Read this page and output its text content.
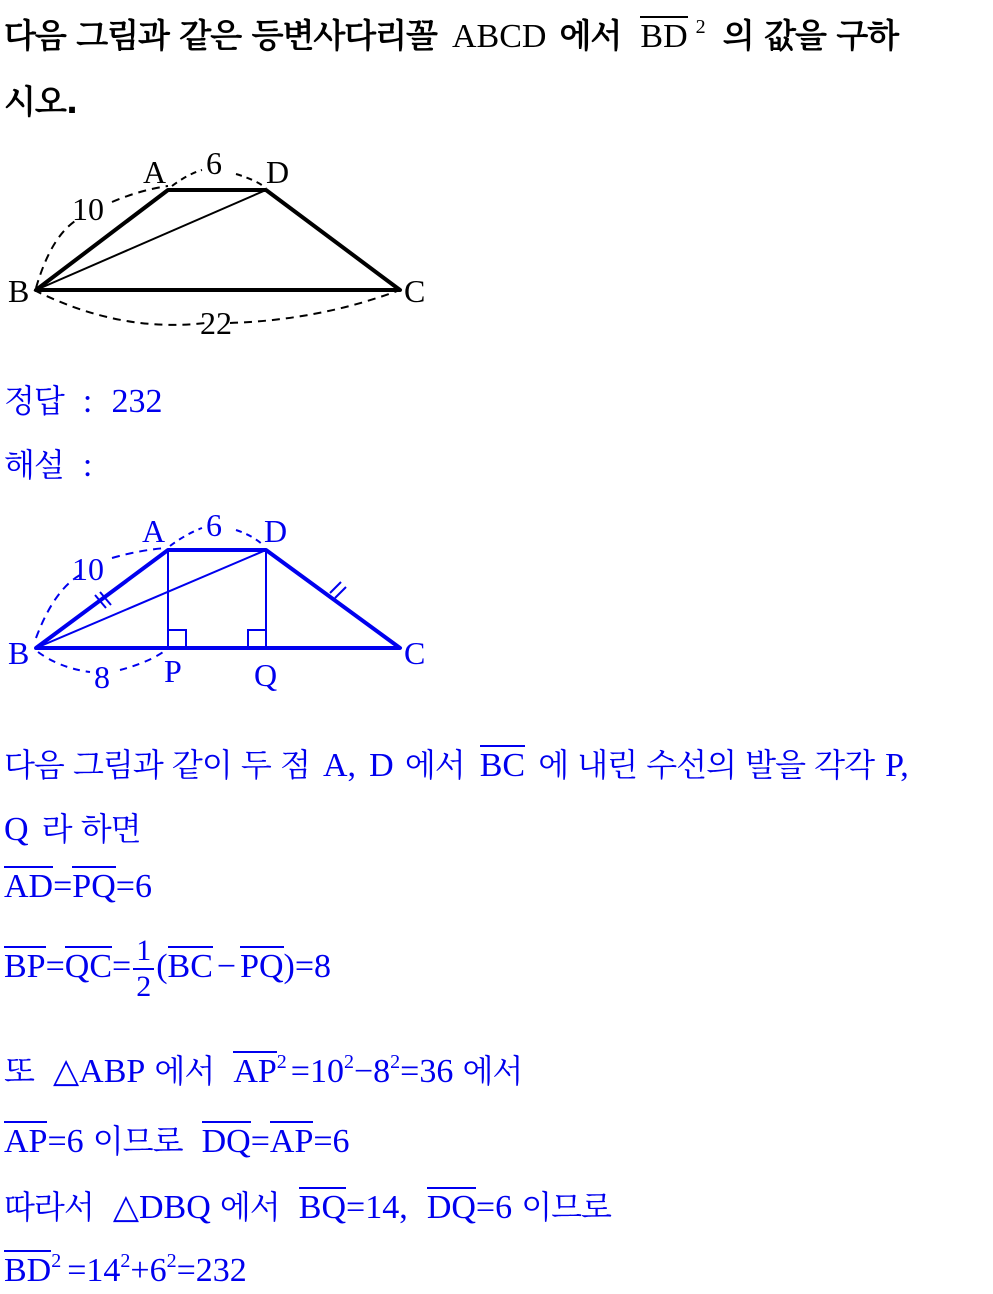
다음 그림과 같은 등변사다리꼴 ABCD 에서 BD $^2$ 의 값을 구하
시오.
A	D
B	C
6
10
22
정답 : 232
해설 :
A	D
B	C
P Q
6
10
8
다음 그림과 같이 두 점 A, D 에서 BC 에 내린 수선의 발을 각각 P,
Q 라 하면
AD=PQ=6
$BP=QC= \frac{1}{2} (BC - PQ)=8$
또 △ABP 에서 $AP^2 =10^2-8^2=36$ 에서
AP=6 이므로 DQ=AP=6
따라서 △DBQ 에서 BQ=14, DQ=6 이므로
$BD^2 =14^2+6^2=232$
